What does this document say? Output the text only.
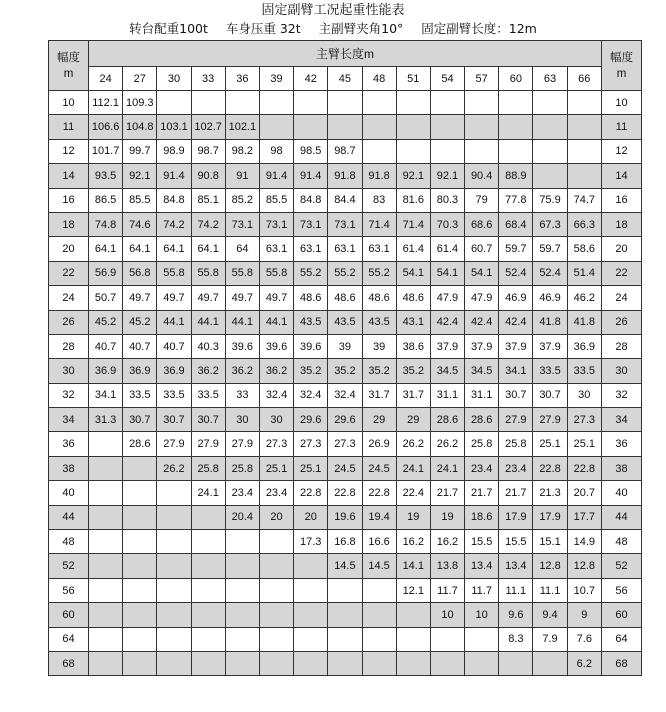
固定副臂工况起重性能表
转台配重100t 车身压重 32t 主副臂夹角10° 固定副臂长度：12m
幅度
m	主臂长度m															幅度
m
	24	27	30	33	36	39	42	45	48	51	54	57	60	63	66	
10	112.1	109.3														10
11	106.6	104.8	103.1	102.7	102.1											11
12	101.7	99.7	98.9	98.7	98.2	98	98.5	98.7								12
14	93.5	92.1	91.4	90.8	91	91.4	91.4	91.8	91.8	92.1	92.1	90.4	88.9			14
16	86.5	85.5	84.8	85.1	85.2	85.5	84.8	84.4	83	81.6	80.3	79	77.8	75.9	74.7	16
18	74.8	74.6	74.2	74.2	73.1	73.1	73.1	73.1	71.4	71.4	70.3	68.6	68.4	67.3	66.3	18
20	64.1	64.1	64.1	64.1	64	63.1	63.1	63.1	63.1	61.4	61.4	60.7	59.7	59.7	58.6	20
22	56.9	56.8	55.8	55.8	55.8	55.8	55.2	55.2	55.2	54.1	54.1	54.1	52.4	52.4	51.4	22
24	50.7	49.7	49.7	49.7	49.7	49.7	48.6	48.6	48.6	48.6	47.9	47.9	46.9	46.9	46.2	24
26	45.2	45.2	44.1	44.1	44.1	44.1	43.5	43.5	43.5	43.1	42.4	42.4	42.4	41.8	41.8	26
28	40.7	40.7	40.7	40.3	39.6	39.6	39.6	39	39	38.6	37.9	37.9	37.9	37.9	36.9	28
30	36.9	36.9	36.9	36.2	36.2	36.2	35.2	35.2	35.2	35.2	34.5	34.5	34.1	33.5	33.5	30
32	34.1	33.5	33.5	33.5	33	32.4	32.4	32.4	31.7	31.7	31.1	31.1	30.7	30.7	30	32
34	31.3	30.7	30.7	30.7	30	30	29.6	29.6	29	29	28.6	28.6	27.9	27.9	27.3	34
36		28.6	27.9	27.9	27.9	27.3	27.3	27.3	26.9	26.2	26.2	25.8	25.8	25.1	25.1	36
38			26.2	25.8	25.8	25.1	25.1	24.5	24.5	24.1	24.1	23.4	23.4	22.8	22.8	38
40				24.1	23.4	23.4	22.8	22.8	22.8	22.4	21.7	21.7	21.7	21.3	20.7	40
44					20.4	20	20	19.6	19.4	19	19	18.6	17.9	17.9	17.7	44
48							17.3	16.8	16.6	16.2	16.2	15.5	15.5	15.1	14.9	48
52								14.5	14.5	14.1	13.8	13.4	13.4	12.8	12.8	52
56										12.1	11.7	11.7	11.1	11.1	10.7	56
60											10	10	9.6	9.4	9	60
64													8.3	7.9	7.6	64
68															6.2	68
